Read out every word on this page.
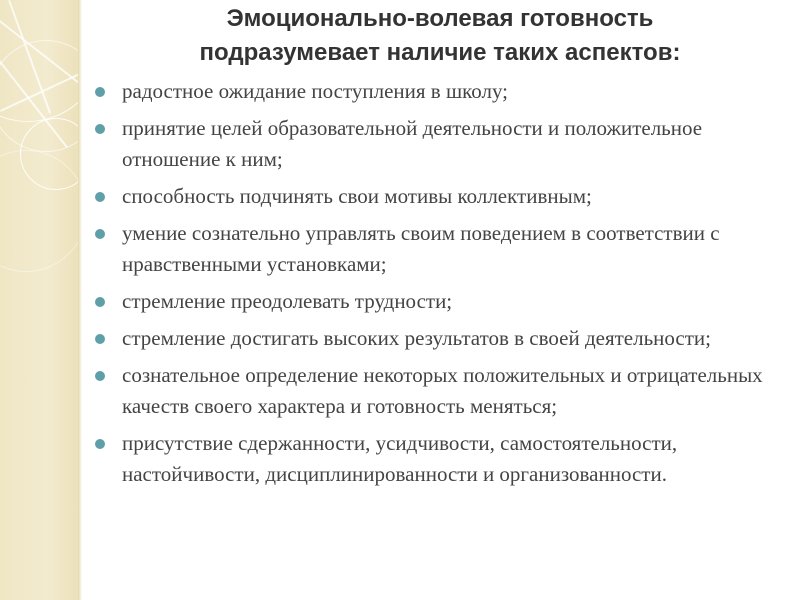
Эмоционально-волевая готовность
подразумевает наличие таких аспектов:
радостное ожидание поступления в школу;
принятие целей образовательной деятельности и положительное отношение к ним;
способность подчинять свои мотивы коллективным;
умение сознательно управлять своим поведением в соответствии с нравственными установками;
стремление преодолевать трудности;
стремление достигать высоких результатов в своей деятельности;
сознательное определение некоторых положительных и отрицательных качеств своего характера и готовность меняться;
присутствие сдержанности, усидчивости, самостоятельности, настойчивости, дисциплинированности и организованности.
